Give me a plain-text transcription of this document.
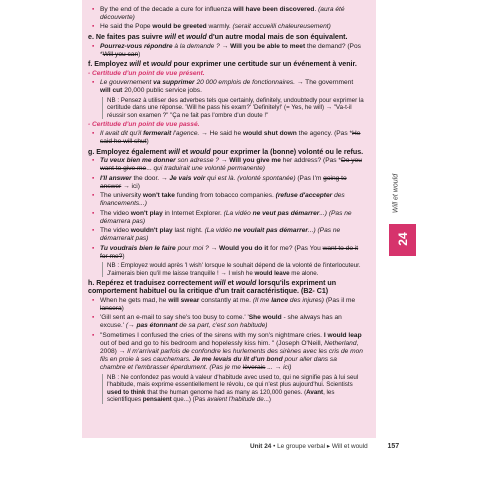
▪ By the end of the decade a cure for influenza will have been discovered. (aura été découverte)
▪ He said the Pope would be greeted warmly. (serait accueilli chaleureusement)
e. Ne faites pas suivre will et would d'un autre modal mais de son équivalent.
▪ Pourrez-vous répondre à la demande ? → Will you be able to meet the demand? (Pos *Will you can)
f. Employez will et would pour exprimer une certitude sur un événement à venir.
- Certitude d'un point de vue présent.
▪ Le gouvernement va supprimer 20 000 emplois de fonctionnaires. → The government will cut 20,000 public service jobs.
NB : Pensez à utiliser des adverbes tels que certainly, definitely, undoubtedly pour exprimer la certitude dans une réponse. 'Will he pass his exam?' 'Definitely!' (= Yes, he will) → "Va-t-il réussir son examen ?" "Ça ne fait pas l'ombre d'un doute !"
- Certitude d'un point de vue passé.
▪ Il avait dit qu'il fermerait l'agence. → He said he would shut down the agency. (Pas *He said he will shut)
g. Employez également will et would pour exprimer la (bonne) volonté ou le refus.
▪ Tu veux bien me donner son adresse ? → Will you give me her address? (Pas *Do you want to give me... qui traduirait une volonté permanente)
▪ I'll answer the door. → Je vais voir qui est là. (volonté spontanée) (Pas I'm going to answer → ici)
▪ The university won't take funding from tobacco companies. (refuse d'accepter des financements...)
▪ The video won't play in Internet Explorer. (La vidéo ne veut pas démarrer...) (Pas ne démarrera pas)
▪ The video wouldn't play last night. (La vidéo ne voulait pas démarrer...) (Pas ne démarrerait pas)
▪ Tu voudrais bien le faire pour moi ? → Would you do it for me? (Pas You want to do it for me?)
NB : Employez would après 'I wish' lorsque le souhait dépend de la volonté de l'interlocuteur. J'aimerais bien qu'il me laisse tranquille ! → I wish he would leave me alone.
h. Repérez et traduisez correctement will et would lorsqu'ils expriment un comportement habituel ou la critique d'un trait caractéristique. (B2- C1)
▪ When he gets mad, he will swear constantly at me. (Il me lance des injures) (Pas il me lancera)
▪ 'Gill sent an e-mail to say she's too busy to come.' 'She would - she always has an excuse.' (→ pas étonnant de sa part, c'est son habitude)
▪ "Sometimes I confused the cries of the sirens with my son's nightmare cries. I would leap out of bed and go to his bedroom and hopelessly kiss him. " (Joseph O'Neill, Netherland, 2008) → Il m'arrivait parfois de confondre les hurlements des sirènes avec les cris de mon fils en proie à ses cauchemars. Je me levais du lit d'un bond pour aller dans sa chambre et l'embrasser éperdument. (Pas je me lèverais ... → ici)
NB : Ne confondez pas would à valeur d'habitude avec used to, qui ne signifie pas à lui seul l'habitude, mais exprime essentiellement le révolu, ce qui n'est plus aujourd'hui. Scientists used to think that the human genome had as many as 120,000 genes. (Avant, les scientifiques pensaient que...) (Pas avaient l'habitude de...)
Will et would
24
Unit 24 • Le groupe verbal ▸ Will et would	157
